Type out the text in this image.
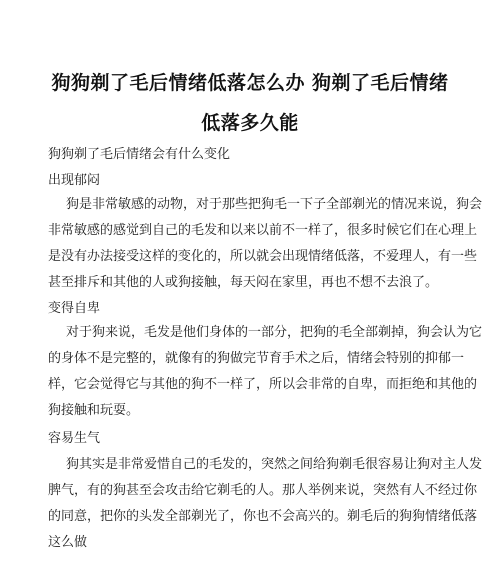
狗狗剃了毛后情绪低落怎么办 狗剃了毛后情绪
低落多久能
狗狗剃了毛后情绪会有什么变化
出现郁闷
狗是非常敏感的动物，对于那些把狗毛一下子全部剃光的情况来说，狗会
非常敏感的感觉到自己的毛发和以来以前不一样了，很多时候它们在心理上
是没有办法接受这样的变化的，所以就会出现情绪低落，不爱理人，有一些
甚至排斥和其他的人或狗接触，每天闷在家里，再也不想不去浪了。
变得自卑
对于狗来说，毛发是他们身体的一部分，把狗的毛全部剃掉，狗会认为它
的身体不是完整的，就像有的狗做完节育手术之后，情绪会特别的抑郁一
样，它会觉得它与其他的狗不一样了，所以会非常的自卑，而拒绝和其他的
狗接触和玩耍。
容易生气
狗其实是非常爱惜自己的毛发的，突然之间给狗剃毛很容易让狗对主人发
脾气，有的狗甚至会攻击给它剃毛的人。那人举例来说，突然有人不经过你
的同意，把你的头发全部剃光了，你也不会高兴的。剃毛后的狗狗情绪低落
这么做
